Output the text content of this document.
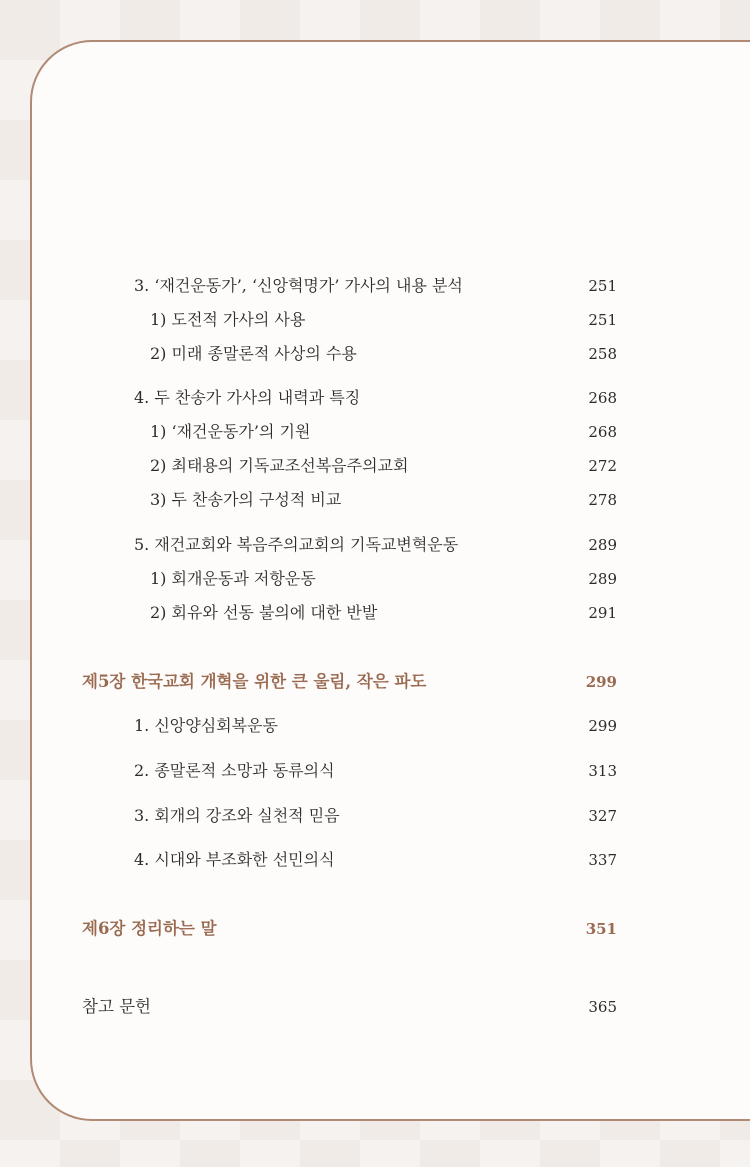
3. ‘재건운동가’, ‘신앙혁명가’ 가사의 내용 분석	251
1) 도전적 가사의 사용	251
2) 미래 종말론적 사상의 수용	258
4. 두 찬송가 가사의 내력과 특징	268
1) ‘재건운동가’의 기원	268
2) 최태용의 기독교조선복음주의교회	272
3) 두 찬송가의 구성적 비교	278
5. 재건교회와 복음주의교회의 기독교변혁운동	289
1) 회개운동과 저항운동	289
2) 회유와 선동 불의에 대한 반발	291
제5장 한국교회 개혁을 위한 큰 울림, 작은 파도	299
1. 신앙양심회복운동	299
2. 종말론적 소망과 동류의식	313
3. 회개의 강조와 실천적 믿음	327
4. 시대와 부조화한 선민의식	337
제6장 정리하는 말	351
참고 문헌	365
